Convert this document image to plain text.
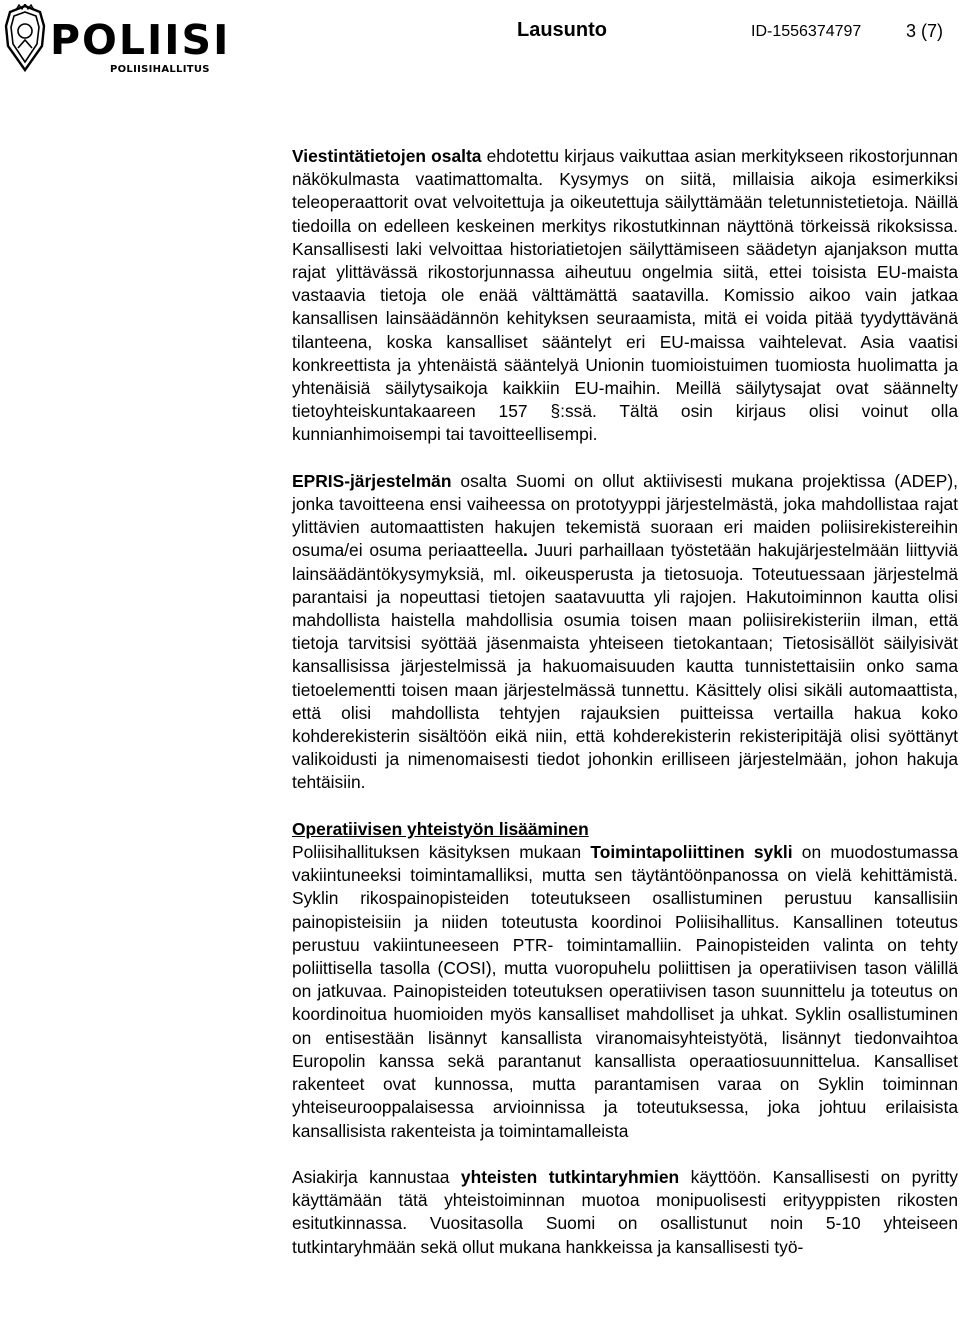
POLIISI
POLIISIHALLITUS
Lausunto	ID-1556374797 3 (7)

Viestintätietojen osalta ehdotettu kirjaus vaikuttaa asian merkitykseen rikostorjunnan näkökulmasta vaatimattomalta. Kysymys on siitä, millaisia aikoja esimerkiksi teleoperaattorit ovat velvoitettuja ja oikeutettuja säilyttämään teletunnistetietoja. Näillä tiedoilla on edelleen keskeinen merkitys rikostutkinnan näyttönä törkeissä rikoksissa. Kansallisesti laki velvoittaa historiatietojen säilyttämiseen säädetyn ajanjakson mutta rajat ylittävässä rikostorjunnassa aiheutuu ongelmia siitä, ettei toisista EU-maista vastaavia tietoja ole enää välttämättä saatavilla. Komissio aikoo vain jatkaa kansallisen lainsäädännön kehityksen seuraamista, mitä ei voida pitää tyydyttävänä tilanteena, koska kansalliset sääntelyt eri EU-maissa vaihtelevat. Asia vaatisi konkreettista ja yhtenäistä sääntelyä Unionin tuomioistuimen tuomiosta huolimatta ja yhtenäisiä säilytysaikoja kaikkiin EU-maihin. Meillä säilytysajat ovat säännelty tietoyhteiskuntakaareen 157 §:ssä. Tältä osin kirjaus olisi voinut olla kunnianhimoisempi tai tavoitteellisempi.

EPRIS-järjestelmän osalta Suomi on ollut aktiivisesti mukana projektissa (ADEP), jonka tavoitteena ensi vaiheessa on prototyyppi järjestelmästä, joka mahdollistaa rajat ylittävien automaattisten hakujen tekemistä suoraan eri maiden poliisirekistereihin osuma/ei osuma periaatteella. Juuri parhaillaan työstetään hakujärjestelmään liittyviä lainsäädäntökysymyksiä, ml. oikeusperusta ja tietosuoja. Toteutuessaan järjestelmä parantaisi ja nopeuttasi tietojen saatavuutta yli rajojen. Hakutoiminnon kautta olisi mahdollista haistella mahdollisia osumia toisen maan poliisirekisteriin ilman, että tietoja tarvitsisi syöttää jäsenmaista yhteiseen tietokantaan; Tietosisällöt säilyisivät kansallisissa järjestelmissä ja hakuomaisuuden kautta tunnistettaisiin onko sama tietoelementti toisen maan järjestelmässä tunnettu. Käsittely olisi sikäli automaattista, että olisi mahdollista tehtyjen rajauksien puitteissa vertailla hakua koko kohderekisterin sisältöön eikä niin, että kohderekisterin rekisteripitäjä olisi syöttänyt valikoidusti ja nimenomaisesti tiedot johonkin erilliseen järjestelmään, johon hakuja tehtäisiin.

Operatiivisen yhteistyön lisääminen
Poliisihallituksen käsityksen mukaan Toimintapoliittinen sykli on muodostumassa vakiintuneeksi toimintamalliksi, mutta sen täytäntöönpanossa on vielä kehittämistä. Syklin rikospainopisteiden toteutukseen osallistuminen perustuu kansallisiin painopisteisiin ja niiden toteutusta koordinoi Poliisihallitus. Kansallinen toteutus perustuu vakiintuneeseen PTR- toimintamalliin. Painopisteiden valinta on tehty poliittisella tasolla (COSI), mutta vuoropuhelu poliittisen ja operatiivisen tason välillä on jatkuvaa. Painopisteiden toteutuksen operatiivisen tason suunnittelu ja toteutus on koordinoitua huomioiden myös kansalliset mahdolliset ja uhkat. Syklin osallistuminen on entisestään lisännyt kansallista viranomaisyhteistyötä, lisännyt tiedonvaihtoa Europolin kanssa sekä parantanut kansallista operaatiosuunnittelua. Kansalliset rakenteet ovat kunnossa, mutta parantamisen varaa on Syklin toiminnan yhteiseurooppalaisessa arvioinnissa ja toteutuksessa, joka johtuu erilaisista kansallisista rakenteista ja toimintamalleista

Asiakirja kannustaa yhteisten tutkintaryhmien käyttöön. Kansallisesti on pyritty käyttämään tätä yhteistoiminnan muotoa monipuolisesti erityyppisten rikosten esitutkinnassa. Vuositasolla Suomi on osallistunut noin 5-10 yhteiseen tutkintaryhmään sekä ollut mukana hankkeissa ja kansallisesti työ-
